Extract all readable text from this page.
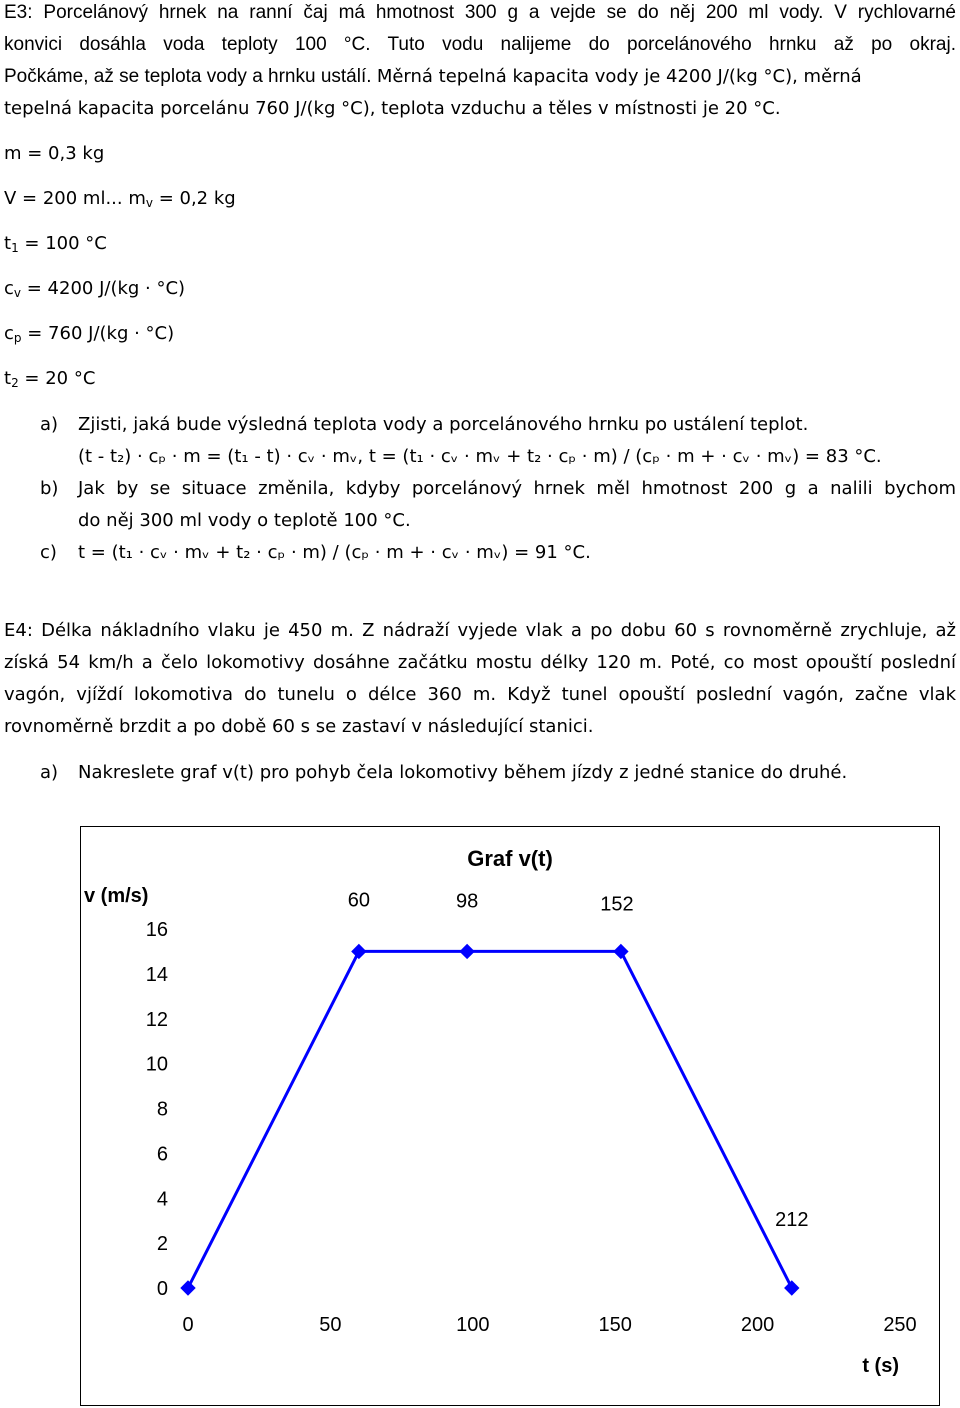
E3: Porcelánový hrnek na ranní čaj má hmotnost 300 g a vejde se do něj 200 ml vody. V rychlovarné
konvici dosáhla voda teploty 100 °C. Tuto vodu nalijeme do porcelánového hrnku až po okraj.
Počkáme, až se teplota vody a hrnku ustálí. Měrná tepelná kapacita vody je 4200 J/(kg °C), měrná
tepelná kapacita porcelánu 760 J/(kg °C), teplota vzduchu a těles v místnosti je 20 °C.
m = 0,3 kg
V = 200 ml... $m_v = 0,2$ kg
$t_1 = 100$ °C
$c_v = 4200$ J/(kg · °C)
$c_p = 760$ J/(kg · °C)
$t_2 = 20$ °C
a) Zjisti, jaká bude výsledná teplota vody a porcelánového hrnku po ustálení teplot.
(t - t₂) · cₚ · m = (t₁ - t) · cᵥ · mᵥ, t = (t₁ · cᵥ · mᵥ + t₂ · cₚ · m) / (cₚ · m + · cᵥ · mᵥ) = 83 °C.
b) Jak by se situace změnila, kdyby porcelánový hrnek měl hmotnost 200 g a nalili bychom
do něj 300 ml vody o teplotě 100 °C.
c) t = (t₁ · cᵥ · mᵥ + t₂ · cₚ · m) / (cₚ · m + · cᵥ · mᵥ) = 91 °C.
E4: Délka nákladního vlaku je 450 m. Z nádraží vyjede vlak a po dobu 60 s rovnoměrně zrychluje, až
získá 54 km/h a čelo lokomotivy dosáhne začátku mostu délky 120 m. Poté, co most opouští poslední
vagón, vjíždí lokomotiva do tunelu o délce 360 m. Když tunel opouští poslední vagón, začne vlak
rovnoměrně brzdit a po době 60 s se zastaví v následující stanici.
a) Nakreslete graf v(t) pro pohyb čela lokomotivy během jízdy z jedné stanice do druhé.
Graf v(t)
v (m/s)
t (s)
0
2
4
6
8
10
12
14
16
0	50	100	150	200	250
60	98	152
212
